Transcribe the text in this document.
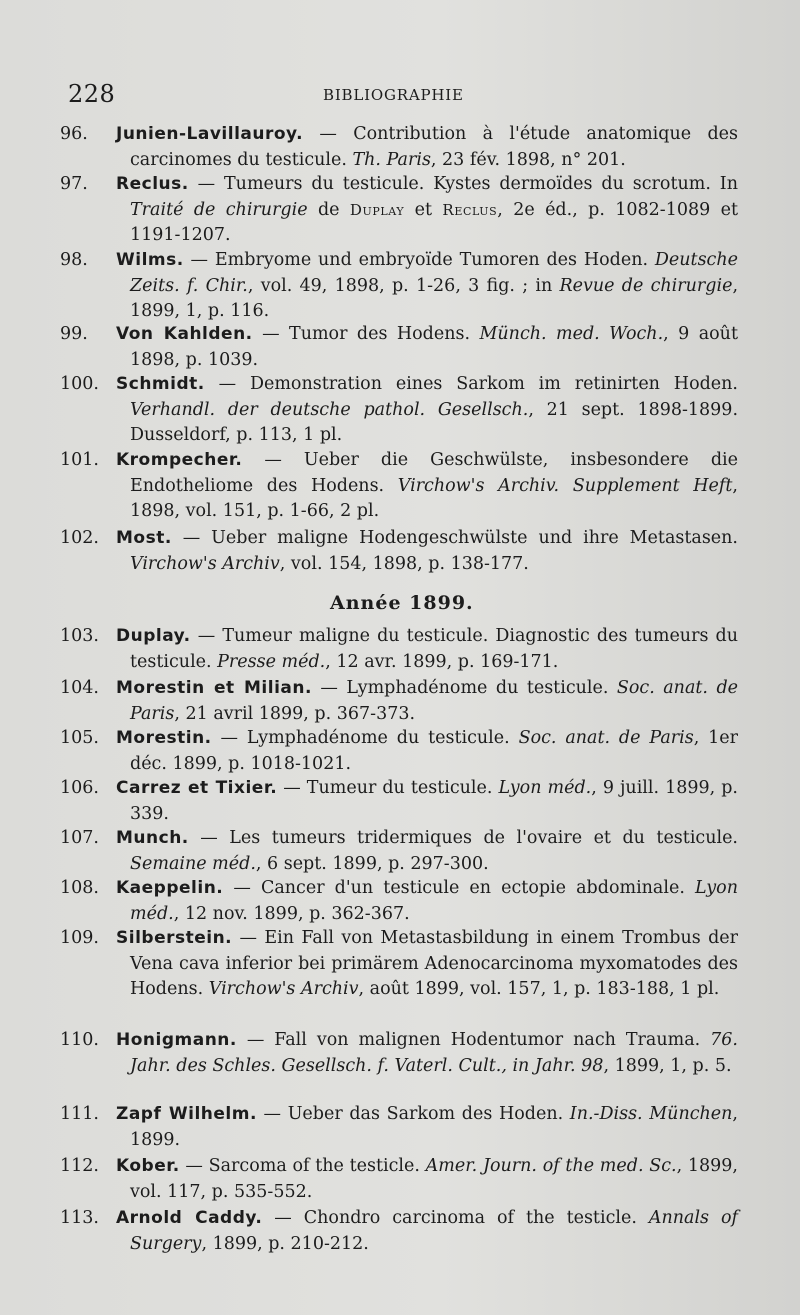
228	BIBLIOGRAPHIE
96.	Junien-Lavillauroy. — Contribution à l'étude anatomique des carcinomes du testicule. Th. Paris, 23 fév. 1898, n° 201.
97.	Reclus. — Tumeurs du testicule. Kystes dermoïdes du scrotum. In Traité de chirurgie de Duplay et Reclus, 2e éd., p. 1082-1089 et 1191-1207.
98.	Wilms. — Embryome und embryoïde Tumoren des Hoden. Deutsche Zeits. f. Chir., vol. 49, 1898, p. 1-26, 3 fig. ; in Revue de chirurgie, 1899, 1, p. 116.
99.	Von Kahlden. — Tumor des Hodens. Münch. med. Woch., 9 août 1898, p. 1039.
100.	Schmidt. — Demonstration eines Sarkom im retinirten Hoden. Verhandl. der deutsche pathol. Gesellsch., 21 sept. 1898-1899. Dusseldorf, p. 113, 1 pl.
101.	Krompecher. — Ueber die Geschwülste, insbesondere die Endotheliome des Hodens. Virchow's Archiv. Supplement Heft, 1898, vol. 151, p. 1-66, 2 pl.
102.	Most. — Ueber maligne Hodengeschwülste und ihre Metastasen. Virchow's Archiv, vol. 154, 1898, p. 138-177.
103.	Duplay. — Tumeur maligne du testicule. Diagnostic des tumeurs du testicule. Presse méd., 12 avr. 1899, p. 169-171.
104.	Morestin et Milian. — Lymphadénome du testicule. Soc. anat. de Paris, 21 avril 1899, p. 367-373.
105.	Morestin. — Lymphadénome du testicule. Soc. anat. de Paris, 1er déc. 1899, p. 1018-1021.
106.	Carrez et Tixier. — Tumeur du testicule. Lyon méd., 9 juill. 1899, p. 339.
107.	Munch. — Les tumeurs tridermiques de l'ovaire et du testicule. Semaine méd., 6 sept. 1899, p. 297-300.
108.	Kaeppelin. — Cancer d'un testicule en ectopie abdominale. Lyon méd., 12 nov. 1899, p. 362-367.
109.	Silberstein. — Ein Fall von Metastasbildung in einem Trombus der Vena cava inferior bei primärem Adenocarcinoma myxomatodes des Hodens. Virchow's Archiv, août 1899, vol. 157, 1, p. 183-188, 1 pl.
110.	Honigmann. — Fall von malignen Hodentumor nach Trauma. 76. Jahr. des Schles. Gesellsch. f. Vaterl. Cult., in Jahr. 98, 1899, 1, p. 5.
111.	Zapf Wilhelm. — Ueber das Sarkom des Hoden. In.-Diss. München, 1899.
112.	Kober. — Sarcoma of the testicle. Amer. Journ. of the med. Sc., 1899, vol. 117, p. 535-552.
113.	Arnold Caddy. — Chondro carcinoma of the testicle. Annals of Surgery, 1899, p. 210-212.
Année 1899.
